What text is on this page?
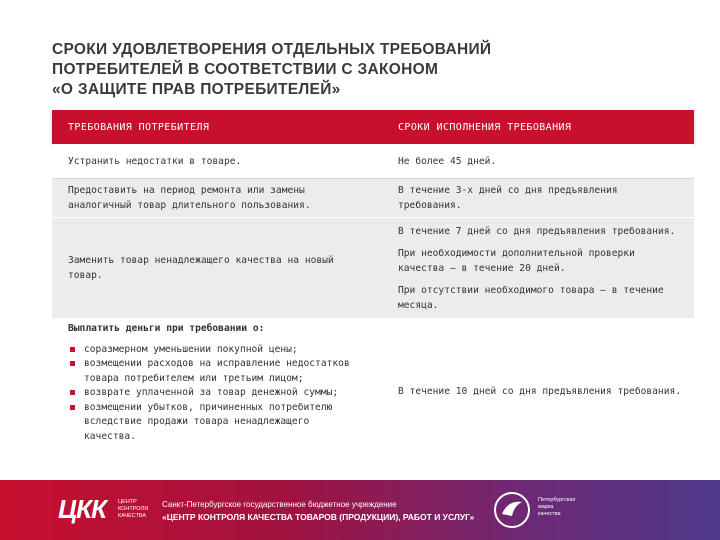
СРОКИ УДОВЛЕТВОРЕНИЯ ОТДЕЛЬНЫХ ТРЕБОВАНИЙ
ПОТРЕБИТЕЛЕЙ В СООТВЕТСТВИИ С ЗАКОНОМ
«О ЗАЩИТЕ ПРАВ ПОТРЕБИТЕЛЕЙ»
ТРЕБОВАНИЯ ПОТРЕБИТЕЛЯ	СРОКИ ИСПОЛНЕНИЯ ТРЕБОВАНИЯ
Устранить недостатки в товаре.	Не более 45 дней.
Предоставить на период ремонта или замены аналогичный товар длительного пользования.
В течение 3-х дней со дня предъявления требования.
Заменить товар ненадлежащего качества на новый товар.

В течение 7 дней со дня предъявления требования.

При необходимости дополнительной проверки качества – в течение 20 дней.

При отсутствии необходимого товара – в течение месяца.

Выплатить деньги при требовании о:
соразмерном уменьшении покупной цены;
возмещении расходов на исправление недостатков товара потребителем или третьим лицом;
возврате уплаченной за товар денежной суммы;
возмещении убытков, причиненных потребителю вследствие продажи товара ненадлежащего качества.
В течение 10 дней со дня предъявления требования.
ЦКК ЦЕНТР
КОНТРОЛЯ
КАЧЕСТВА
Санкт-Петербургское государственное бюджетное учреждение
«ЦЕНТР КОНТРОЛЯ КАЧЕСТВА ТОВАРОВ (ПРОДУКЦИИ), РАБОТ И УСЛУГ»
Петербургская
марка
качества
